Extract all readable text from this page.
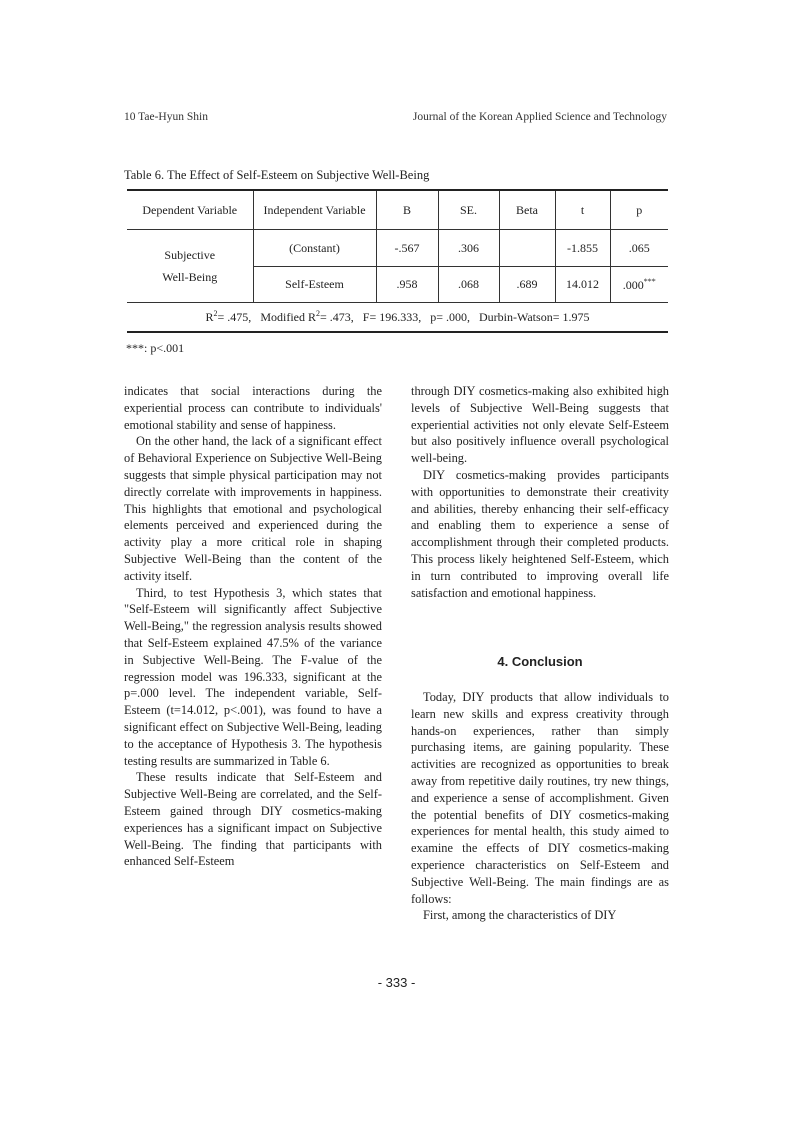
10 Tae-Hyun Shin	Journal of the Korean Applied Science and Technology
Table 6. The Effect of Self-Esteem on Subjective Well-Being
Dependent Variable	Independent Variable	B	SE.	Beta	t	p
Subjective
Well-Being	(Constant)	-.567	.306		-1.855	.065
	Self-Esteem	.958	.068	.689	14.012	.000***
$R^2= .475$, Modified $R^2= .473$, F= 196.333, p= .000, Durbin-Watson= 1.975						
***: p<.001

indicates that social interactions during the experiential process can contribute to individuals' emotional stability and sense of happiness.

On the other hand, the lack of a significant effect of Behavioral Experience on Subjective Well-Being suggests that simple physical participation may not directly correlate with improvements in happiness. This highlights that emotional and psychological elements perceived and experienced during the activity play a more critical role in shaping Subjective Well-Being than the content of the activity itself.

Third, to test Hypothesis 3, which states that "Self-Esteem will significantly affect Subjective Well-Being," the regression analysis results showed that Self-Esteem explained 47.5% of the variance in Subjective Well-Being. The F-value of the regression model was 196.333, significant at the p=.000 level. The independent variable, Self-Esteem (t=14.012, p<.001), was found to have a significant effect on Subjective Well-Being, leading to the acceptance of Hypothesis 3. The hypothesis testing results are summarized in Table 6.

These results indicate that Self-Esteem and Subjective Well-Being are correlated, and the Self-Esteem gained through DIY cosmetics-making experiences has a significant impact on Subjective Well-Being. The finding that participants with enhanced Self-Esteem

through DIY cosmetics-making also exhibited high levels of Subjective Well-Being suggests that experiential activities not only elevate Self-Esteem but also positively influence overall psychological well-being.

DIY cosmetics-making provides participants with opportunities to demonstrate their creativity and abilities, thereby enhancing their self-efficacy and enabling them to experience a sense of accomplishment through their completed products. This process likely heightened Self-Esteem, which in turn contributed to improving overall life satisfaction and emotional happiness.

4. Conclusion

Today, DIY products that allow individuals to learn new skills and express creativity through hands-on experiences, rather than simply purchasing items, are gaining popularity. These activities are recognized as opportunities to break away from repetitive daily routines, try new things, and experience a sense of accomplishment. Given the potential benefits of DIY cosmetics-making experiences for mental health, this study aimed to examine the effects of DIY cosmetics-making experience characteristics on Self-Esteem and Subjective Well-Being. The main findings are as follows:

First, among the characteristics of DIY

- 333 -
